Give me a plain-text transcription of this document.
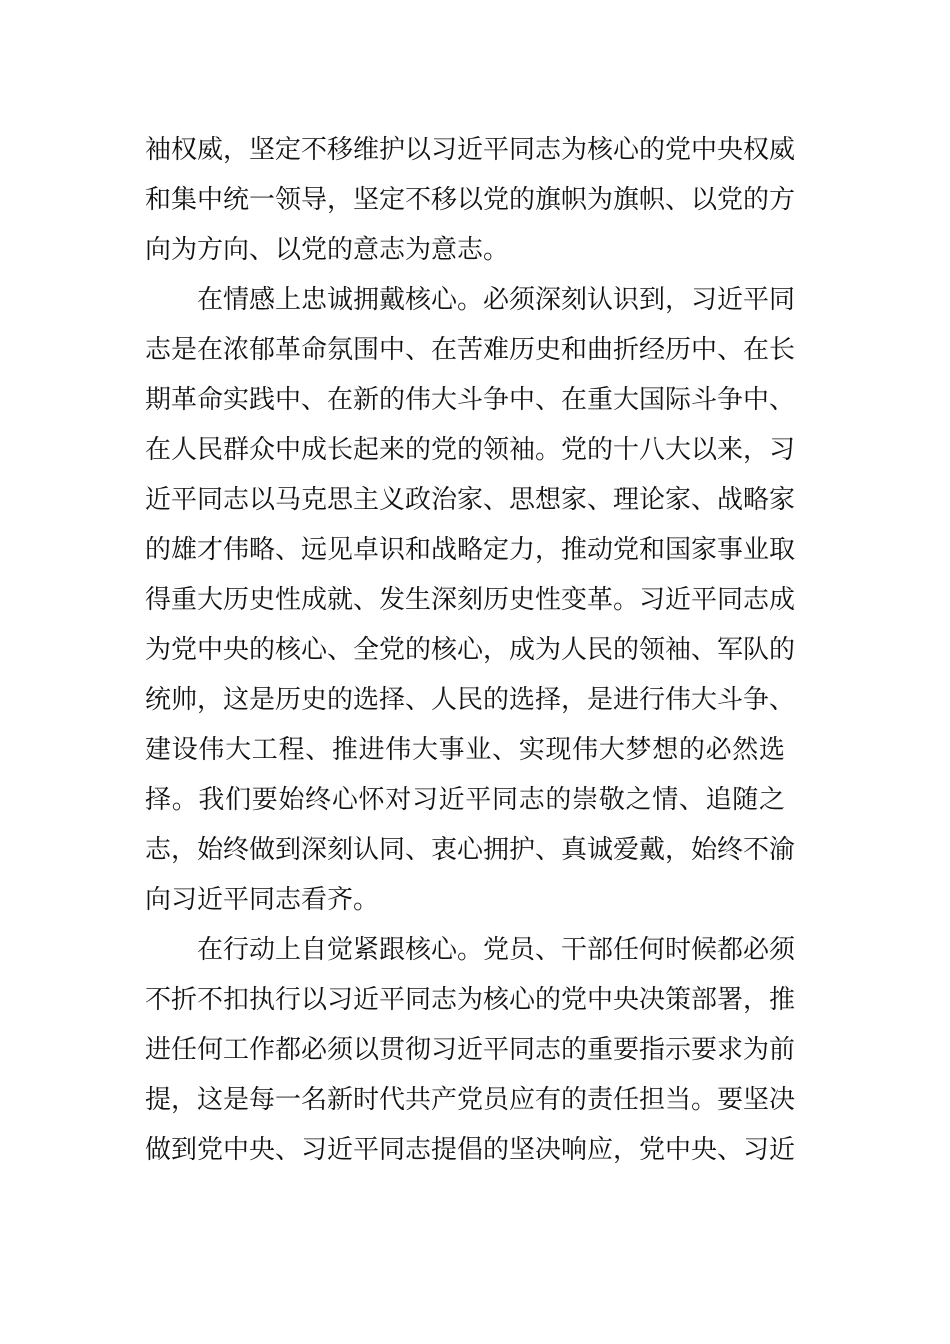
袖权威，坚定不移维护以习近平同志为核心的党中央权威
和集中统一领导，坚定不移以党的旗帜为旗帜、以党的方
向为方向、以党的意志为意志。
在情感上忠诚拥戴核心。必须深刻认识到，习近平同
志是在浓郁革命氛围中、在苦难历史和曲折经历中、在长
期革命实践中、在新的伟大斗争中、在重大国际斗争中、
在人民群众中成长起来的党的领袖。党的十八大以来，习
近平同志以马克思主义政治家、思想家、理论家、战略家
的雄才伟略、远见卓识和战略定力，推动党和国家事业取
得重大历史性成就、发生深刻历史性变革。习近平同志成
为党中央的核心、全党的核心，成为人民的领袖、军队的
统帅，这是历史的选择、人民的选择，是进行伟大斗争、
建设伟大工程、推进伟大事业、实现伟大梦想的必然选
择。我们要始终心怀对习近平同志的崇敬之情、追随之
志，始终做到深刻认同、衷心拥护、真诚爱戴，始终不渝
向习近平同志看齐。
在行动上自觉紧跟核心。党员、干部任何时候都必须
不折不扣执行以习近平同志为核心的党中央决策部署，推
进任何工作都必须以贯彻习近平同志的重要指示要求为前
提，这是每一名新时代共产党员应有的责任担当。要坚决
做到党中央、习近平同志提倡的坚决响应，党中央、习近
